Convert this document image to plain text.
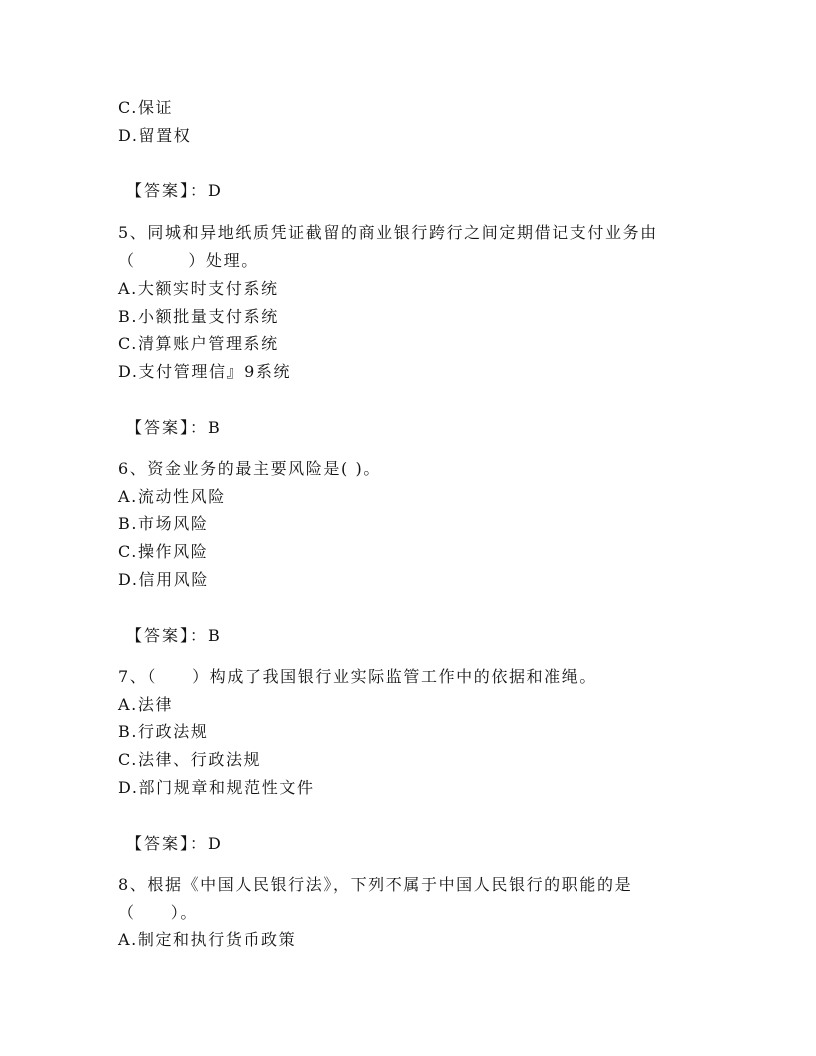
C.保证
D.留置权
【答案】：D
5、同城和异地纸质凭证截留的商业银行跨行之间定期借记支付业务由
（　　　）处理。
A.大额实时支付系统
B.小额批量支付系统
C.清算账户管理系统
D.支付管理信』9系统
【答案】：B
6、资金业务的最主要风险是( )。
A.流动性风险
B.市场风险
C.操作风险
D.信用风险
【答案】：B
7、（　　）构成了我国银行业实际监管工作中的依据和准绳。
A.法律
B.行政法规
C.法律、行政法规
D.部门规章和规范性文件
【答案】：D
8、根据《中国人民银行法》，下列不属于中国人民银行的职能的是
（　　）。
A.制定和执行货币政策
